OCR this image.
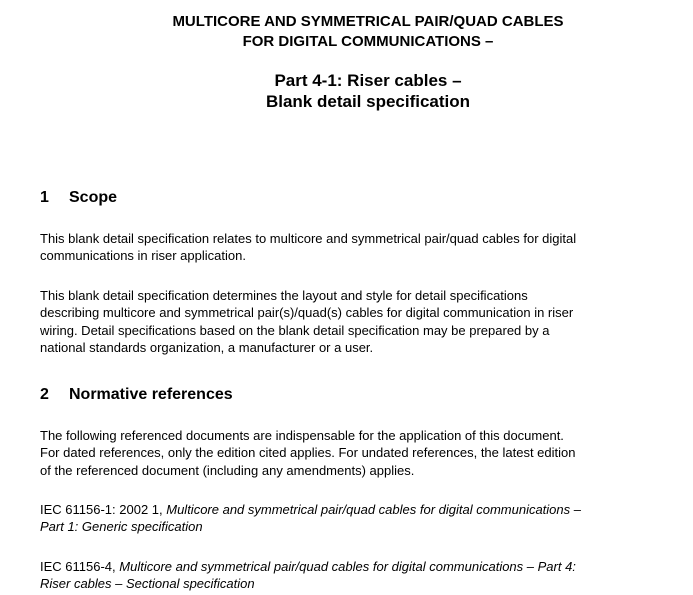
MULTICORE AND SYMMETRICAL PAIR/QUAD CABLES

FOR DIGITAL COMMUNICATIONS –

Part 4-1: Riser cables –

Blank detail specification

1 Scope

This blank detail specification relates to multicore and symmetrical pair/quad cables for digital
communications in riser application.

This blank detail specification determines the layout and style for detail specifications
describing multicore and symmetrical pair(s)/quad(s) cables for digital communication in riser
wiring. Detail specifications based on the blank detail specification may be prepared by a
national standards organization, a manufacturer or a user.

2 Normative references

The following referenced documents are indispensable for the application of this document.
For dated references, only the edition cited applies. For undated references, the latest edition
of the referenced document (including any amendments) applies.

IEC 61156-1: 2002 1, Multicore and symmetrical pair/quad cables for digital communications –
Part 1: Generic specification

IEC 61156-4, Multicore and symmetrical pair/quad cables for digital communications – Part 4:
Riser cables – Sectional specification
